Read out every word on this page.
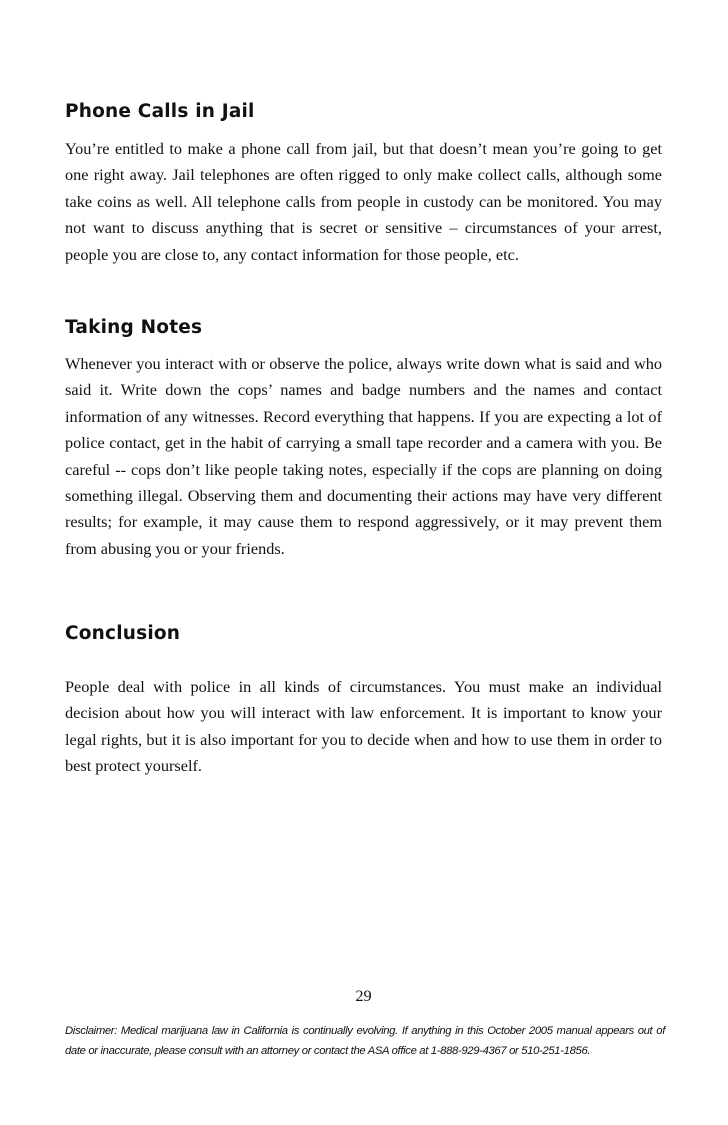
Phone Calls in Jail

You’re entitled to make a phone call from jail, but that doesn’t mean you’re going to get one right away. Jail telephones are often rigged to only make collect calls, although some take coins as well. All telephone calls from people in custody can be monitored. You may not want to discuss anything that is secret or sensitive – circumstances of your arrest, people you are close to, any contact information for those people, etc.

Taking Notes

Whenever you interact with or observe the police, always write down what is said and who said it. Write down the cops’ names and badge numbers and the names and contact information of any witnesses. Record everything that happens. If you are expecting a lot of police contact, get in the habit of carrying a small tape recorder and a camera with you. Be careful -- cops don’t like people taking notes, especially if the cops are planning on doing something illegal. Observing them and documenting their actions may have very different results; for example, it may cause them to respond aggressively, or it may prevent them from abusing you or your friends.

Conclusion

People deal with police in all kinds of circumstances. You must make an individual decision about how you will interact with law enforcement. It is important to know your legal rights, but it is also important for you to decide when and how to use them in order to best protect yourself.

29

Disclaimer: Medical marijuana law in California is continually evolving. If anything in this October 2005 manual appears out of date or inaccurate, please consult with an attorney or contact the ASA office at 1-888-929-4367 or 510-251-1856.
